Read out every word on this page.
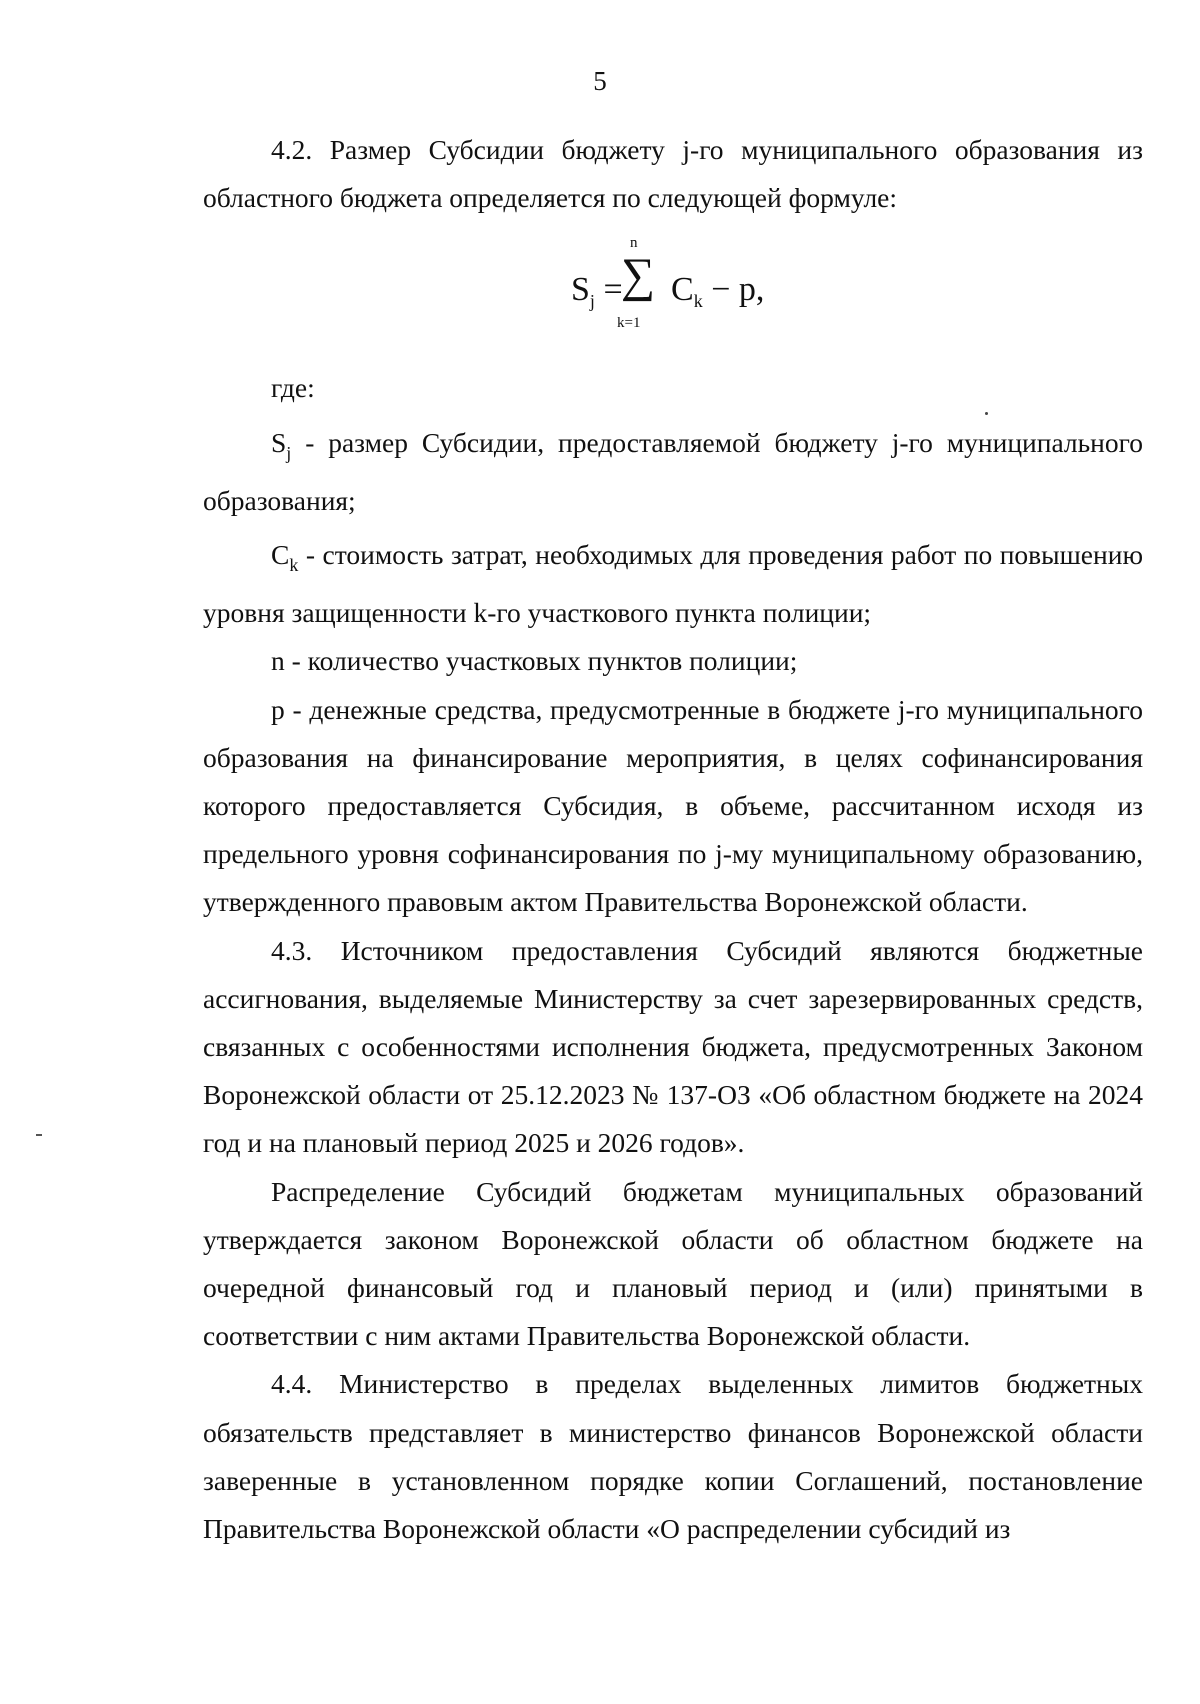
5

4.2. Размер Субсидии бюджету j-го муниципального образования из областного бюджета определяется по следующей формуле:

$S_j$ =
n
∑
k=1
$C_k - p$,

где:

$S_j$ - размер Субсидии, предоставляемой бюджету j-го муниципального образования;

$C_k$ - стоимость затрат, необходимых для проведения работ по повышению уровня защищенности k-го участкового пункта полиции;

n - количество участковых пунктов полиции;

p - денежные средства, предусмотренные в бюджете j-го муниципального образования на финансирование мероприятия, в целях софинансирования которого предоставляется Субсидия, в объеме, рассчитанном исходя из предельного уровня софинансирования по j-му муниципальному образованию, утвержденного правовым актом Правительства Воронежской области.

4.3. Источником предоставления Субсидий являются бюджетные ассигнования, выделяемые Министерству за счет зарезервированных средств, связанных с особенностями исполнения бюджета, предусмотренных Законом Воронежской области от 25.12.2023 № 137-ОЗ «Об областном бюджете на 2024 год и на плановый период 2025 и 2026 годов».

Распределение Субсидий бюджетам муниципальных образований утверждается законом Воронежской области об областном бюджете на очередной финансовый год и плановый период и (или) принятыми в соответствии с ним актами Правительства Воронежской области.

4.4. Министерство в пределах выделенных лимитов бюджетных обязательств представляет в министерство финансов Воронежской области заверенные в установленном порядке копии Соглашений, постановление Правительства Воронежской области «О распределении субсидий из
